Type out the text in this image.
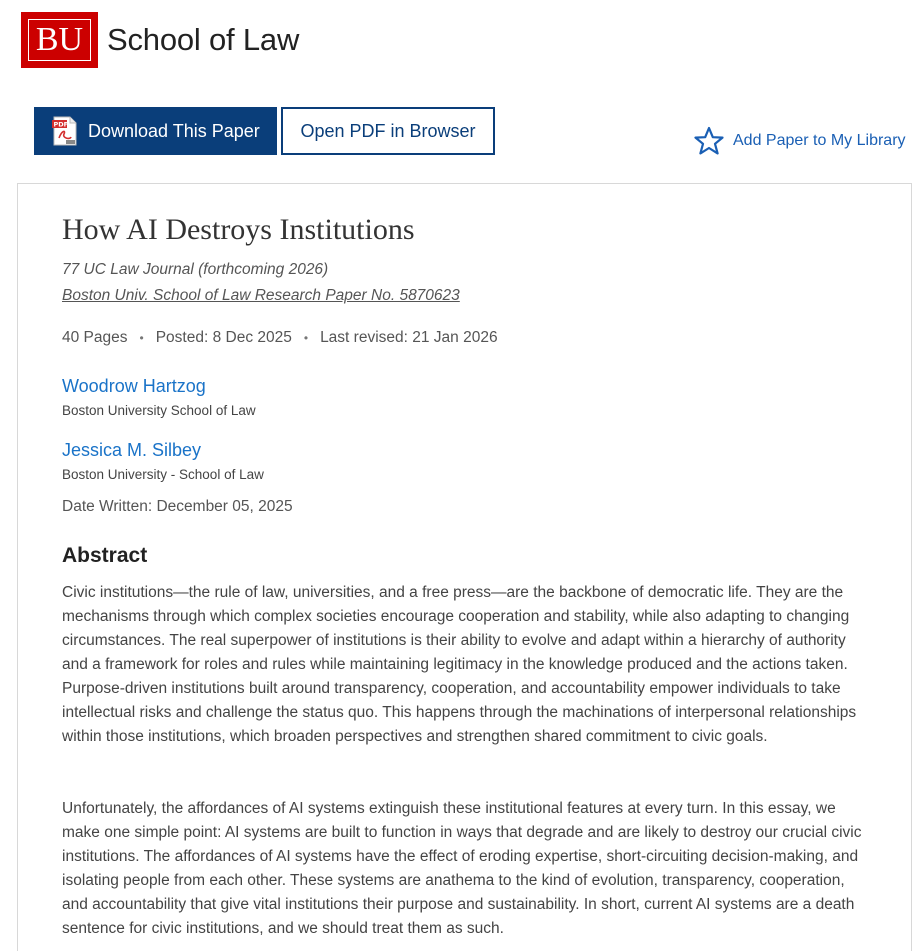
BU School of Law
PDF Download This Paper Open PDF in Browser	Add Paper to My Library
How AI Destroys Institutions
77 UC Law Journal (forthcoming 2026)
Boston Univ. School of Law Research Paper No. 5870623
40 Pages • Posted: 8 Dec 2025 • Last revised: 21 Jan 2026
Woodrow Hartzog
Boston University School of Law
Jessica M. Silbey
Boston University - School of Law
Date Written: December 05, 2025
Abstract

Civic institutions—the rule of law, universities, and a free press—are the backbone of democratic life. They are the mechanisms through which complex societies encourage cooperation and stability, while also adapting to changing circumstances. The real superpower of institutions is their ability to evolve and adapt within a hierarchy of authority and a framework for roles and rules while maintaining legitimacy in the knowledge produced and the actions taken. Purpose-driven institutions built around transparency, cooperation, and accountability empower individuals to take intellectual risks and challenge the status quo. This happens through the machinations of interpersonal relationships within those institutions, which broaden perspectives and strengthen shared commitment to civic goals.

Unfortunately, the affordances of AI systems extinguish these institutional features at every turn. In this essay, we make one simple point: AI systems are built to function in ways that degrade and are likely to destroy our crucial civic institutions. The affordances of AI systems have the effect of eroding expertise, short-circuiting decision-making, and isolating people from each other. These systems are anathema to the kind of evolution, transparency, cooperation, and accountability that give vital institutions their purpose and sustainability. In short, current AI systems are a death sentence for civic institutions, and we should treat them as such.
